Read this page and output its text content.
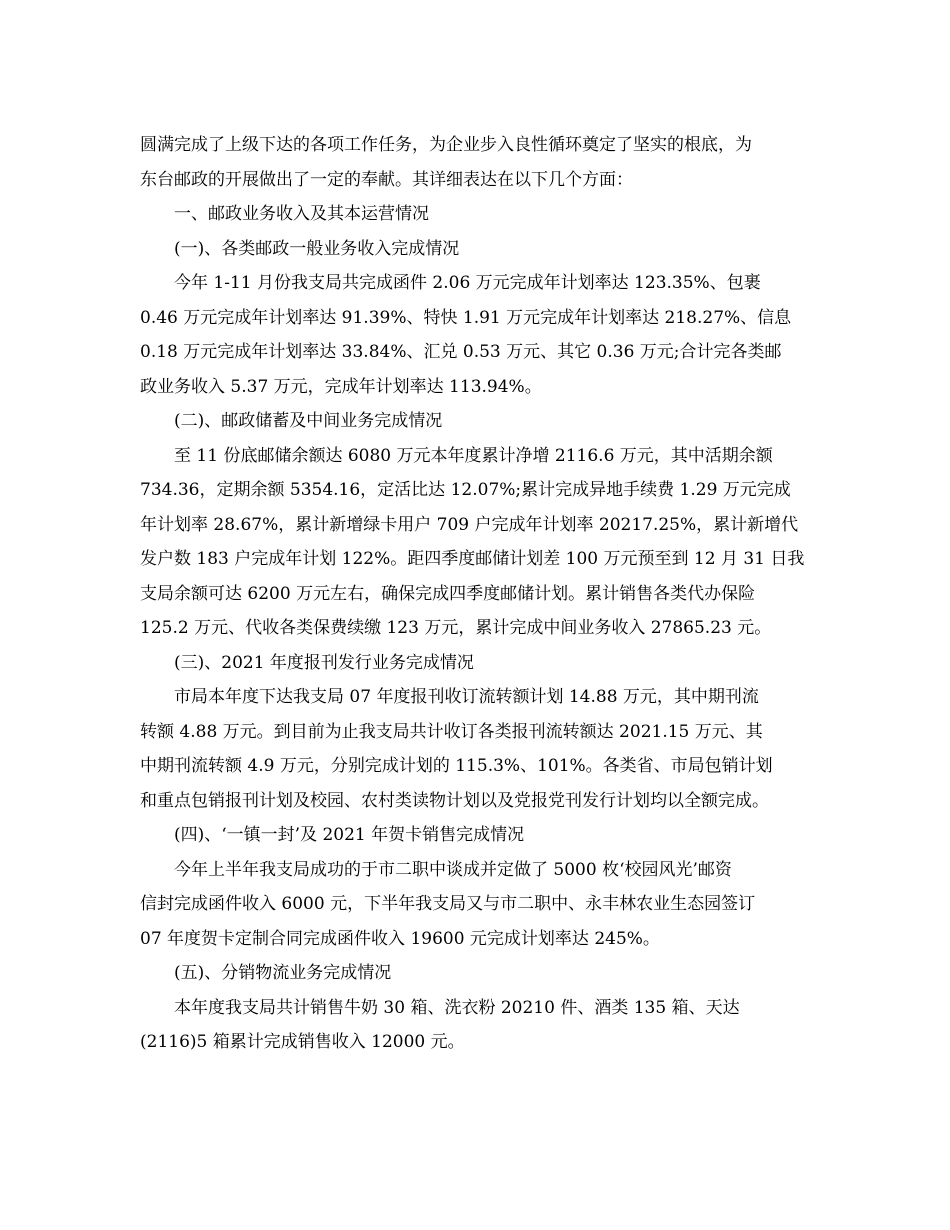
圆满完成了上级下达的各项工作任务，为企业步入良性循环奠定了坚实的根底，为
东台邮政的开展做出了一定的奉献。其详细表达在以下几个方面：
一、邮政业务收入及其本运营情况
(一)、各类邮政一般业务收入完成情况
今年 1-11 月份我支局共完成函件 2.06 万元完成年计划率达 123.35%、包裹
0.46 万元完成年计划率达 91.39%、特快 1.91 万元完成年计划率达 218.27%、信息
0.18 万元完成年计划率达 33.84%、汇兑 0.53 万元、其它 0.36 万元;合计完各类邮
政业务收入 5.37 万元，完成年计划率达 113.94%。
(二)、邮政储蓄及中间业务完成情况
至 11 份底邮储余额达 6080 万元本年度累计净增 2116.6 万元，其中活期余额
734.36，定期余额 5354.16，定活比达 12.07%;累计完成异地手续费 1.29 万元完成
年计划率 28.67%，累计新增绿卡用户 709 户完成年计划率 20217.25%，累计新增代
发户数 183 户完成年计划 122%。距四季度邮储计划差 100 万元预至到 12 月 31 日我
支局余额可达 6200 万元左右，确保完成四季度邮储计划。累计销售各类代办保险
125.2 万元、代收各类保费续缴 123 万元，累计完成中间业务收入 27865.23 元。
(三)、2021 年度报刊发行业务完成情况
市局本年度下达我支局 07 年度报刊收订流转额计划 14.88 万元，其中期刊流
转额 4.88 万元。到目前为止我支局共计收订各类报刊流转额达 2021.15 万元、其
中期刊流转额 4.9 万元，分别完成计划的 115.3%、101%。各类省、市局包销计划
和重点包销报刊计划及校园、农村类读物计划以及党报党刊发行计划均以全额完成。
(四)、‘一镇一封’及 2021 年贺卡销售完成情况
今年上半年我支局成功的于市二职中谈成并定做了 5000 枚‘校园风光’邮资
信封完成函件收入 6000 元，下半年我支局又与市二职中、永丰林农业生态园签订
07 年度贺卡定制合同完成函件收入 19600 元完成计划率达 245%。
(五)、分销物流业务完成情况
本年度我支局共计销售牛奶 30 箱、洗衣粉 20210 件、酒类 135 箱、天达
(2116)5 箱累计完成销售收入 12000 元。
